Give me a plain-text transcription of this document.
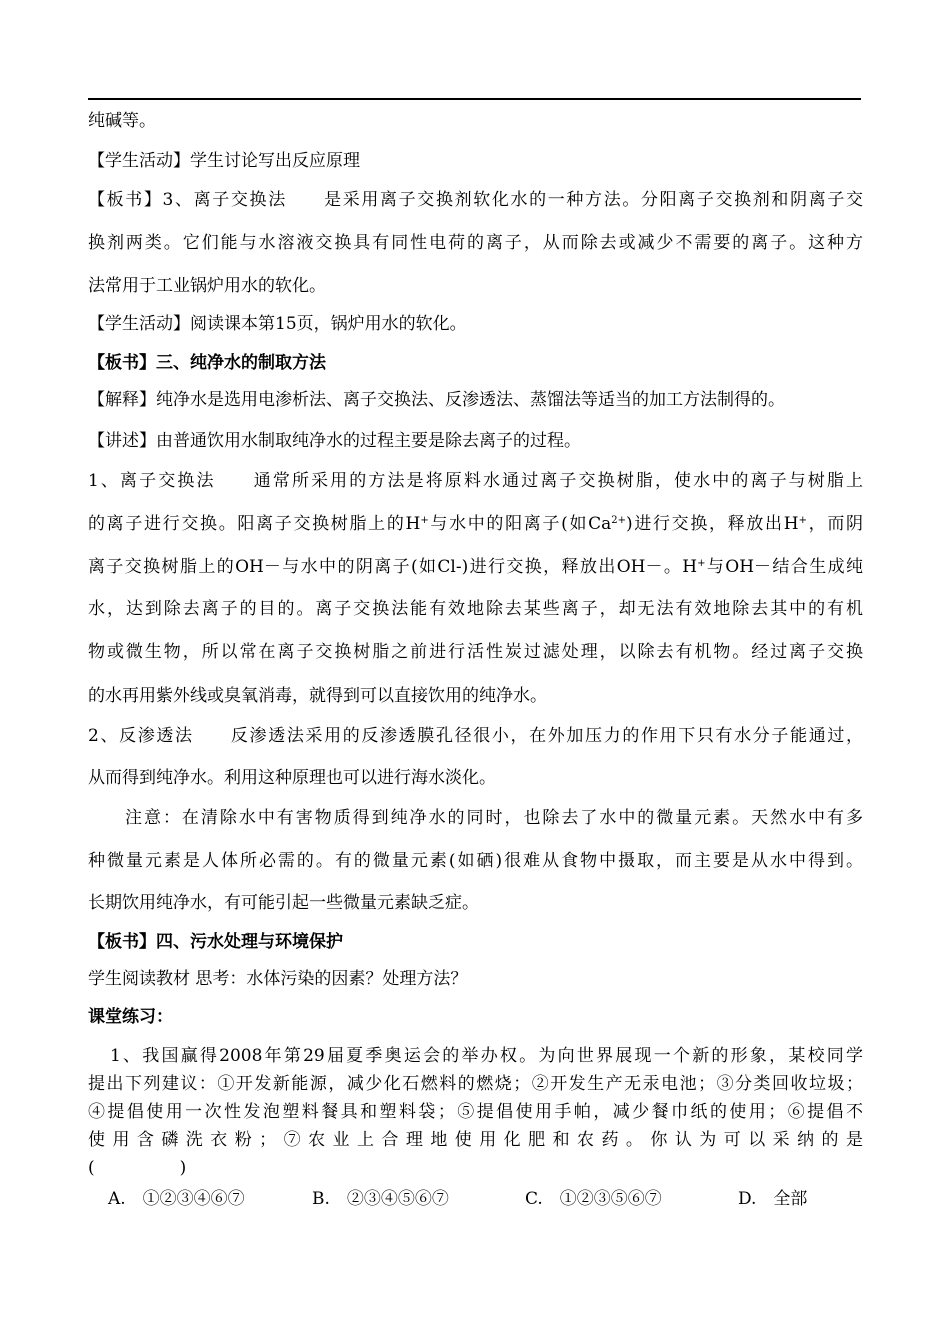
纯碱等。
【学生活动】学生讨论写出反应原理
【板书】3、离子交换法　　是采用离子交换剂软化水的一种方法。分阳离子交换剂和阴离子交
换剂两类。它们能与水溶液交换具有同性电荷的离子，从而除去或减少不需要的离子。这种方
法常用于工业锅炉用水的软化。
【学生活动】阅读课本第15页，锅炉用水的软化。
【板书】三、纯净水的制取方法
【解释】纯净水是选用电渗析法、离子交换法、反渗透法、蒸馏法等适当的加工方法制得的。
【讲述】由普通饮用水制取纯净水的过程主要是除去离子的过程。
1、离子交换法　　通常所采用的方法是将原料水通过离子交换树脂，使水中的离子与树脂上
的离子进行交换。阳离子交换树脂上的H+与水中的阳离子(如$Ca^{2+}$)进行交换，释放出H+，而阴
离子交换树脂上的OH－与水中的阴离子(如Cl-)进行交换，释放出OH－。H+与OH－结合生成纯
水，达到除去离子的目的。离子交换法能有效地除去某些离子，却无法有效地除去其中的有机
物或微生物，所以常在离子交换树脂之前进行活性炭过滤处理，以除去有机物。经过离子交换
的水再用紫外线或臭氧消毒，就得到可以直接饮用的纯净水。
2、反渗透法　　反渗透法采用的反渗透膜孔径很小，在外加压力的作用下只有水分子能通过，
从而得到纯净水。利用这种原理也可以进行海水淡化。
注意：在清除水中有害物质得到纯净水的同时，也除去了水中的微量元素。天然水中有多
种微量元素是人体所必需的。有的微量元素(如硒)很难从食物中摄取，而主要是从水中得到。
长期饮用纯净水，有可能引起一些微量元素缺乏症。
【板书】四、污水处理与环境保护
学生阅读教材 思考：水体污染的因素？处理方法？
课堂练习：
1、我国赢得2008年第29届夏季奥运会的举办权。为向世界展现一个新的形象，某校同学
提出下列建议：①开发新能源，减少化石燃料的燃烧；②开发生产无汞电池；③分类回收垃圾；
④提倡使用一次性发泡塑料餐具和塑料袋；⑤提倡使用手帕，减少餐巾纸的使用；⑥提倡不
使用含磷洗衣粉；⑦农业上合理地使用化肥和农药。你认为可以采纳的是
(　　　　　)
A.　①②③④⑥⑦	B.　②③④⑤⑥⑦	C.　①②③⑤⑥⑦	D.　全部
